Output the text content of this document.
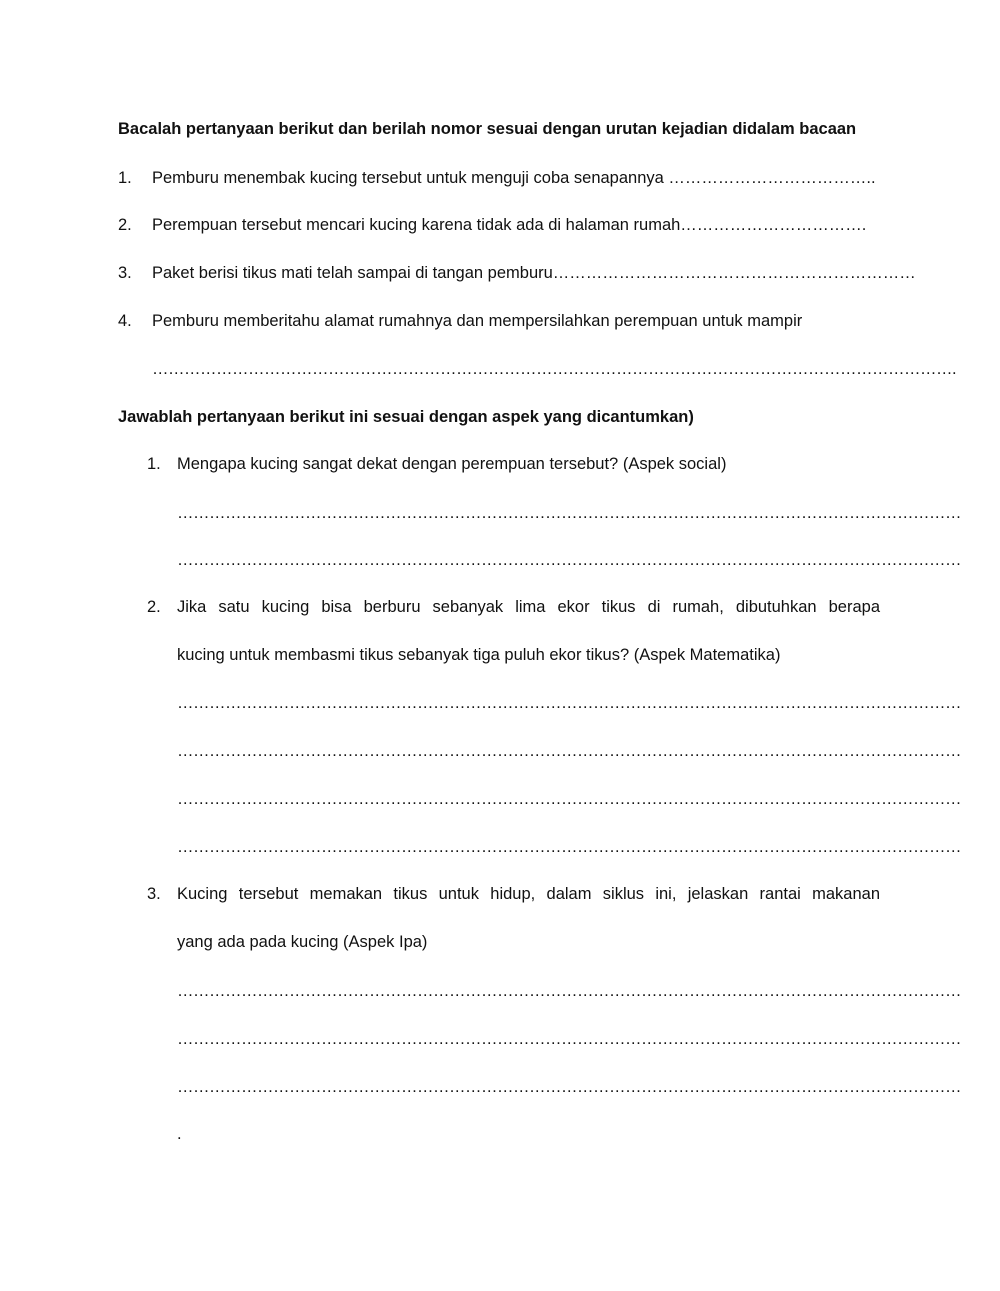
Bacalah pertanyaan berikut dan berilah nomor sesuai dengan urutan kejadian didalam bacaan
1. Pemburu menembak kucing tersebut untuk menguji coba senapannya ………………………………..
2. Perempuan tersebut mencari kucing karena tidak ada di halaman rumah…………………………….
3. Paket berisi tikus mati telah sampai di tangan pemburu…………………………………………………………
4. Pemburu memberitahu alamat rumahnya dan mempersilahkan perempuan untuk mampir
…………………………………………………………………………………………………………………………………….
Jawablah pertanyaan berikut ini sesuai dengan aspek yang dicantumkan)
1. Mengapa kucing sangat dekat dengan perempuan tersebut? (Aspek social)
…………………………………………………………………………………………………………………………………
…………………………………………………………………………………………………………………………………
2. Jika satu kucing bisa berburu sebanyak lima ekor tikus di rumah, dibutuhkan berapa
kucing untuk membasmi tikus sebanyak tiga puluh ekor tikus? (Aspek Matematika)
…………………………………………………………………………………………………………………………………
…………………………………………………………………………………………………………………………………
…………………………………………………………………………………………………………………………………
…………………………………………………………………………………………………………………………………
3. Kucing tersebut memakan tikus untuk hidup, dalam siklus ini, jelaskan rantai makanan
yang ada pada kucing (Aspek Ipa)
…………………………………………………………………………………………………………………………………
…………………………………………………………………………………………………………………………………
…………………………………………………………………………………………………………………………………
.
